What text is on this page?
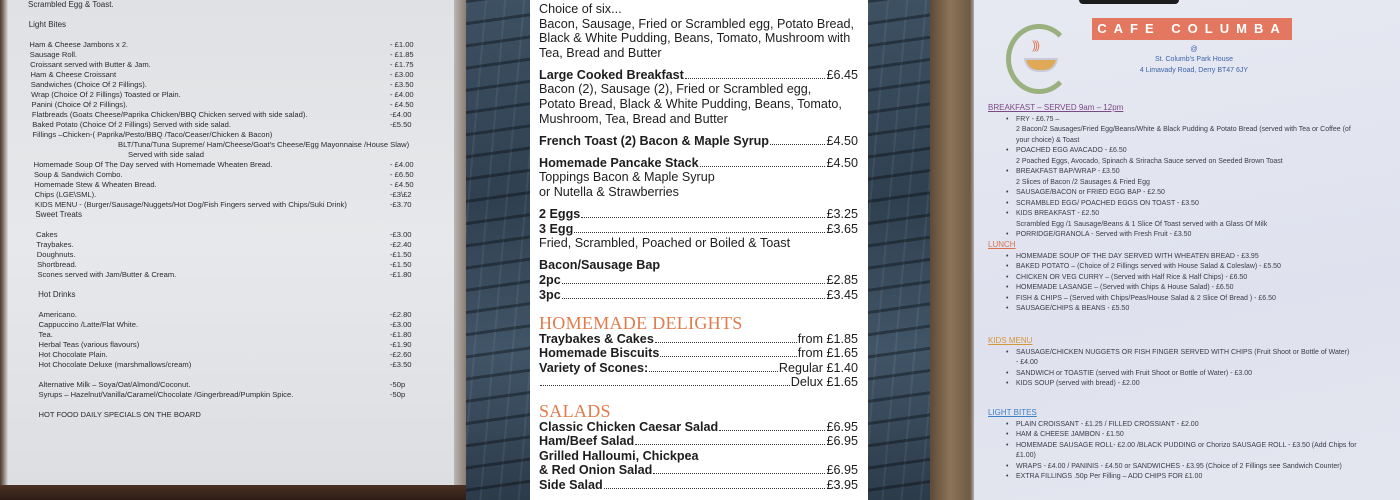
Scrambled Egg & Toast.
Light Bites
Ham & Cheese Jambons x 2.	- £1.00
Sausage Roll.	- £1.85
Croissant served with Butter & Jam.	- £1.75
Ham & Cheese Croissant	- £3.00
Sandwiches (Choice Of 2 Fillings).	- £3.50
Wrap (Choice Of 2 Fillings) Toasted or Plain.	- £4.00
Panini (Choice Of 2 Fillings).	- £4.50
Flatbreads (Goats Cheese/Paprika Chicken/BBQ Chicken served with side salad).	-£4.00
Baked Potato (Choice Of 2 Fillings) Served with side salad.	-£5.50
Fillings –Chicken-( Paprika/Pesto/BBQ /Taco/Ceaser/Chicken & Bacon)
BLT/Tuna/Tuna Supreme/ Ham/Cheese/Goat's Cheese/Egg Mayonnaise /House Slaw)
Served with side salad
Homemade Soup Of The Day served with Homemade Wheaten Bread.	- £4.00
Soup & Sandwich Combo.	- £6.50
Homemade Stew & Wheaten Bread.	- £4.50
Chips (LGE\SML).	-£3\£2
KIDS MENU - (Burger/Sausage/Nuggets/Hot Dog/Fish Fingers served with Chips/Suki Drink)	-£3.70
Sweet Treats
Cakes	-£3.00
Traybakes.	-£2.40
Doughnuts.	-£1.50
Shortbread.	-£1.50
Scones served with Jam/Butter & Cream.	-£1.80
Hot Drinks
Americano.	-£2.80
Cappuccino /Latte/Flat White.	-£3.00
Tea.	-£1.80
Herbal Teas (various flavours)	-£1.90
Hot Chocolate Plain.	-£2.60
Hot Chocolate Deluxe (marshmallows/cream)	-£3.50
Alternative Milk – Soya/Oat/Almond/Coconut.	-50p
Syrups – Hazelnut/Vanilla/Caramel/Chocolate /Gingerbread/Pumpkin Spice.	-50p
HOT FOOD DAILY SPECIALS ON THE BOARD
Choice of six...
Bacon, Sausage, Fried or Scrambled egg, Potato Bread,
Black & White Pudding, Beans, Tomato, Mushroom with
Tea, Bread and Butter
Large Cooked Breakfast	£6.45
Bacon (2), Sausage (2), Fried or Scrambled egg,
Potato Bread, Black & White Pudding, Beans, Tomato,
Mushroom, Tea, Bread and Butter
French Toast (2) Bacon & Maple Syrup	£4.50
Homemade Pancake Stack	£4.50
Toppings Bacon & Maple Syrup
or Nutella & Strawberries
2 Eggs	£3.25
3 Egg	£3.65
Fried, Scrambled, Poached or Boiled & Toast
Bacon/Sausage Bap
2pc	£2.85
3pc	£3.45
HOMEMADE DELIGHTS
Traybakes & Cakes	from £1.85
Homemade Biscuits	from £1.65
Variety of Scones:	Regular £1.40
Delux £1.65
SALADS
Classic Chicken Caesar Salad	£6.95
Ham/Beef Salad	£6.95
Grilled Halloumi, Chickpea
& Red Onion Salad	£6.95
Side Salad	£3.95
)))
CAFE COLUMBA
@
St. Columb's Park House
4 Limavady Road, Derry BT47 6JY
BREAKFAST – SERVED 9am – 12pm
• FRY - £6.75 –
2 Bacon/2 Sausages/Fried Egg/Beans/White & Black Pudding & Potato Bread (served with Tea or Coffee (of
your choice) & Toast
• POACHED EGG AVACADO - £6.50
2 Poached Eggs, Avocado, Spinach & Sriracha Sauce served on Seeded Brown Toast
• BREAKFAST BAP/WRAP - £3.50
2 Slices of Bacon /2 Sausages & Fried Egg
• SAUSAGE/BACON or FRIED EGG BAP - £2.50
• SCRAMBLED EGG/ POACHED EGGS ON TOAST - £3.50
• KIDS BREAKFAST - £2.50
Scrambled Egg /1 Sausage/Beans & 1 Slice Of Toast served with a Glass Of Milk
• PORRIDGE/GRANOLA - Served with Fresh Fruit - £3.50
LUNCH
• HOMEMADE SOUP OF THE DAY SERVED WITH WHEATEN BREAD - £3.95
• BAKED POTATO – (Choice of 2 Fillings served with House Salad & Coleslaw) - £5.50
• CHICKEN OR VEG CURRY – (Served with Half Rice & Half Chips) - £6.50
• HOMEMADE LASANGE – (Served with Chips & House Salad) - £6.50
• FISH & CHIPS – (Served with Chips/Peas/House Salad & 2 Slice Of Bread ) - £6.50
• SAUSAGE/CHIPS & BEANS - £5.50
KIDS MENU
• SAUSAGE/CHICKEN NUGGETS OR FISH FINGER SERVED WITH CHIPS (Fruit Shoot or Bottle of Water)
- £4.00
• SANDWICH or TOASTIE (served with Fruit Shoot or Bottle of Water) - £3.00
• KIDS SOUP (served with bread) - £2.00
LIGHT BITES
• PLAIN CROISSANT - £1.25 / FILLED CROSSIANT - £2.00
• HAM & CHEESE JAMBON - £1.50
• HOMEMADE SAUSAGE ROLL- £2.00 /BLACK PUDDING or Chorizo SAUSAGE ROLL - £3.50 (Add Chips for
£1.00)
• WRAPS - £4.00 / PANINIS - £4.50 or SANDWICHES - £3.95 (Choice of 2 Fillings see Sandwich Counter)
• EXTRA FILLINGS .50p Per Filling – ADD CHIPS FOR £1.00
